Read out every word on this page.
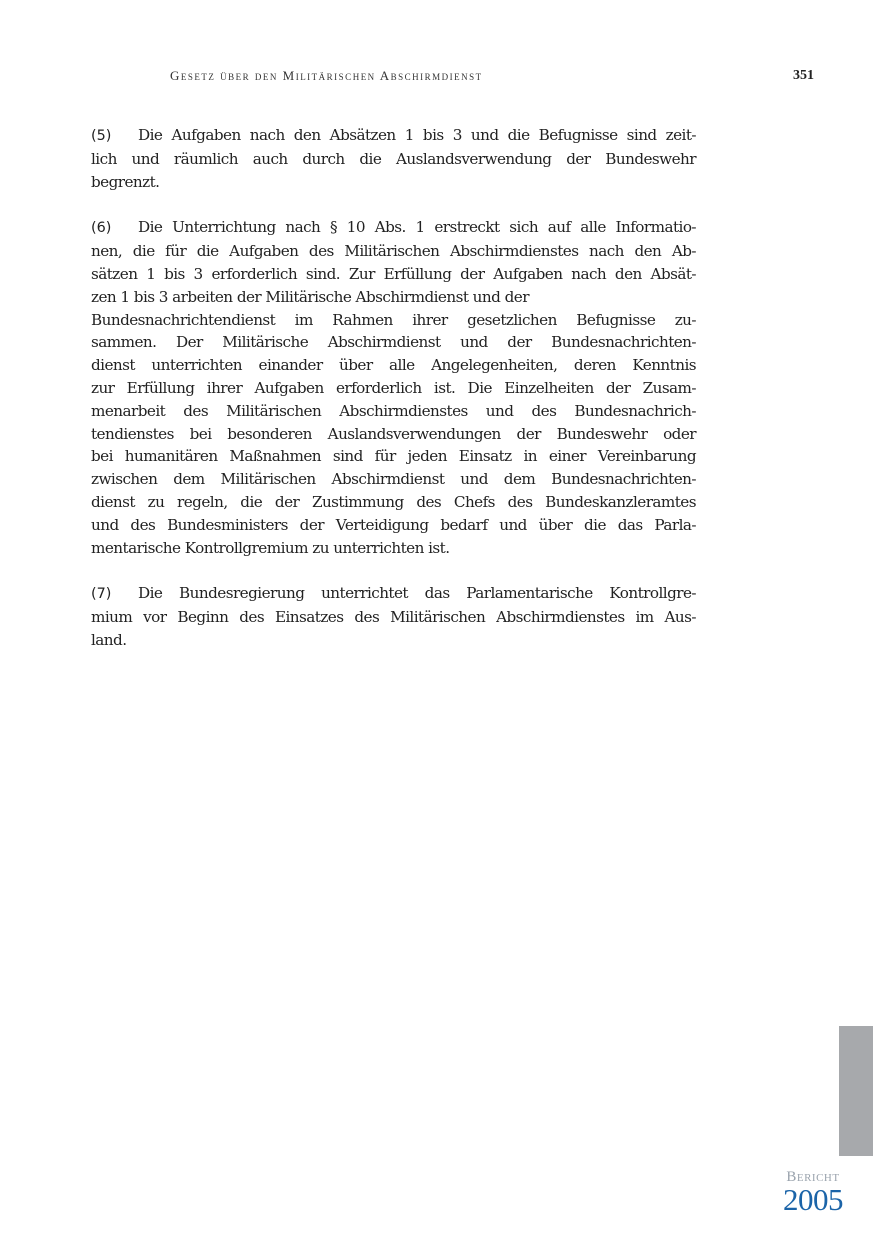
Gesetz über den Militärischen Abschirmdienst	351
(5) Die Aufgaben nach den Absätzen 1 bis 3 und die Befugnisse sind zeit-
lich und räumlich auch durch die Auslandsverwendung der Bundeswehr
begrenzt.
(6) Die Unterrichtung nach § 10 Abs. 1 erstreckt sich auf alle Informatio-
nen, die für die Aufgaben des Militärischen Abschirmdienstes nach den Ab-
sätzen 1 bis 3 erforderlich sind. Zur Erfüllung der Aufgaben nach den Absät-
zen 1 bis 3 arbeiten der Militärische Abschirmdienst und der
Bundesnachrichtendienst im Rahmen ihrer gesetzlichen Befugnisse zu-
sammen. Der Militärische Abschirmdienst und der Bundesnachrichten-
dienst unterrichten einander über alle Angelegenheiten, deren Kenntnis
zur Erfüllung ihrer Aufgaben erforderlich ist. Die Einzelheiten der Zusam-
menarbeit des Militärischen Abschirmdienstes und des Bundesnachrich-
tendienstes bei besonderen Auslandsverwendungen der Bundeswehr oder
bei humanitären Maßnahmen sind für jeden Einsatz in einer Vereinbarung
zwischen dem Militärischen Abschirmdienst und dem Bundesnachrichten-
dienst zu regeln, die der Zustimmung des Chefs des Bundeskanzleramtes
und des Bundesministers der Verteidigung bedarf und über die das Parla-
mentarische Kontrollgremium zu unterrichten ist.
(7) Die Bundesregierung unterrichtet das Parlamentarische Kontrollgre-
mium vor Beginn des Einsatzes des Militärischen Abschirmdienstes im Aus-
land.
Bericht
2005
